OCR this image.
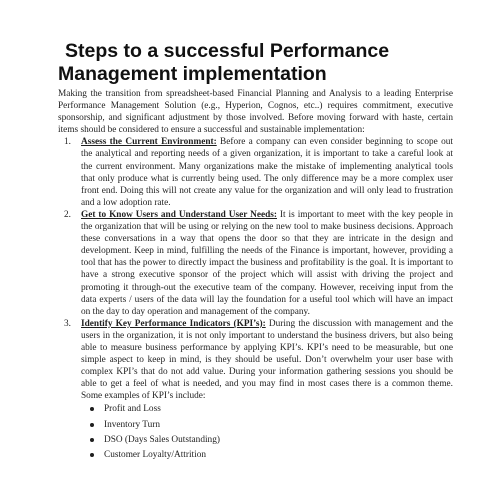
Steps to a successful Performance
Management implementation

Making the transition from spreadsheet-based Financial Planning and Analysis to a leading Enterprise Performance Management Solution (e.g., Hyperion, Cognos, etc..) requires commitment, executive sponsorship, and significant adjustment by those involved. Before moving forward with haste, certain items should be considered to ensure a successful and sustainable implementation:

1. Assess the Current Environment: Before a company can even consider beginning to scope out the analytical and reporting needs of a given organization, it is important to take a careful look at the current environment. Many organizations make the mistake of implementing analytical tools that only produce what is currently being used. The only difference may be a more complex user front end. Doing this will not create any value for the organization and will only lead to frustration and a low adoption rate.
2. Get to Know Users and Understand User Needs: It is important to meet with the key people in the organization that will be using or relying on the new tool to make business decisions. Approach these conversations in a way that opens the door so that they are intricate in the design and development. Keep in mind, fulfilling the needs of the Finance is important, however, providing a tool that has the power to directly impact the business and profitability is the goal. It is important to have a strong executive sponsor of the project which will assist with driving the project and promoting it through-out the executive team of the company. However, receiving input from the data experts / users of the data will lay the foundation for a useful tool which will have an impact on the day to day operation and management of the company.
3. Identify Key Performance Indicators (KPI’s): During the discussion with management and the users in the organization, it is not only important to understand the business drivers, but also being able to measure business performance by applying KPI’s. KPI’s need to be measurable, but one simple aspect to keep in mind, is they should be useful. Don’t overwhelm your user base with complex KPI’s that do not add value. During your information gathering sessions you should be able to get a feel of what is needed, and you may find in most cases there is a common theme. Some examples of KPI’s include:
Profit and Loss
Inventory Turn
DSO (Days Sales Outstanding)
Customer Loyalty/Attrition
